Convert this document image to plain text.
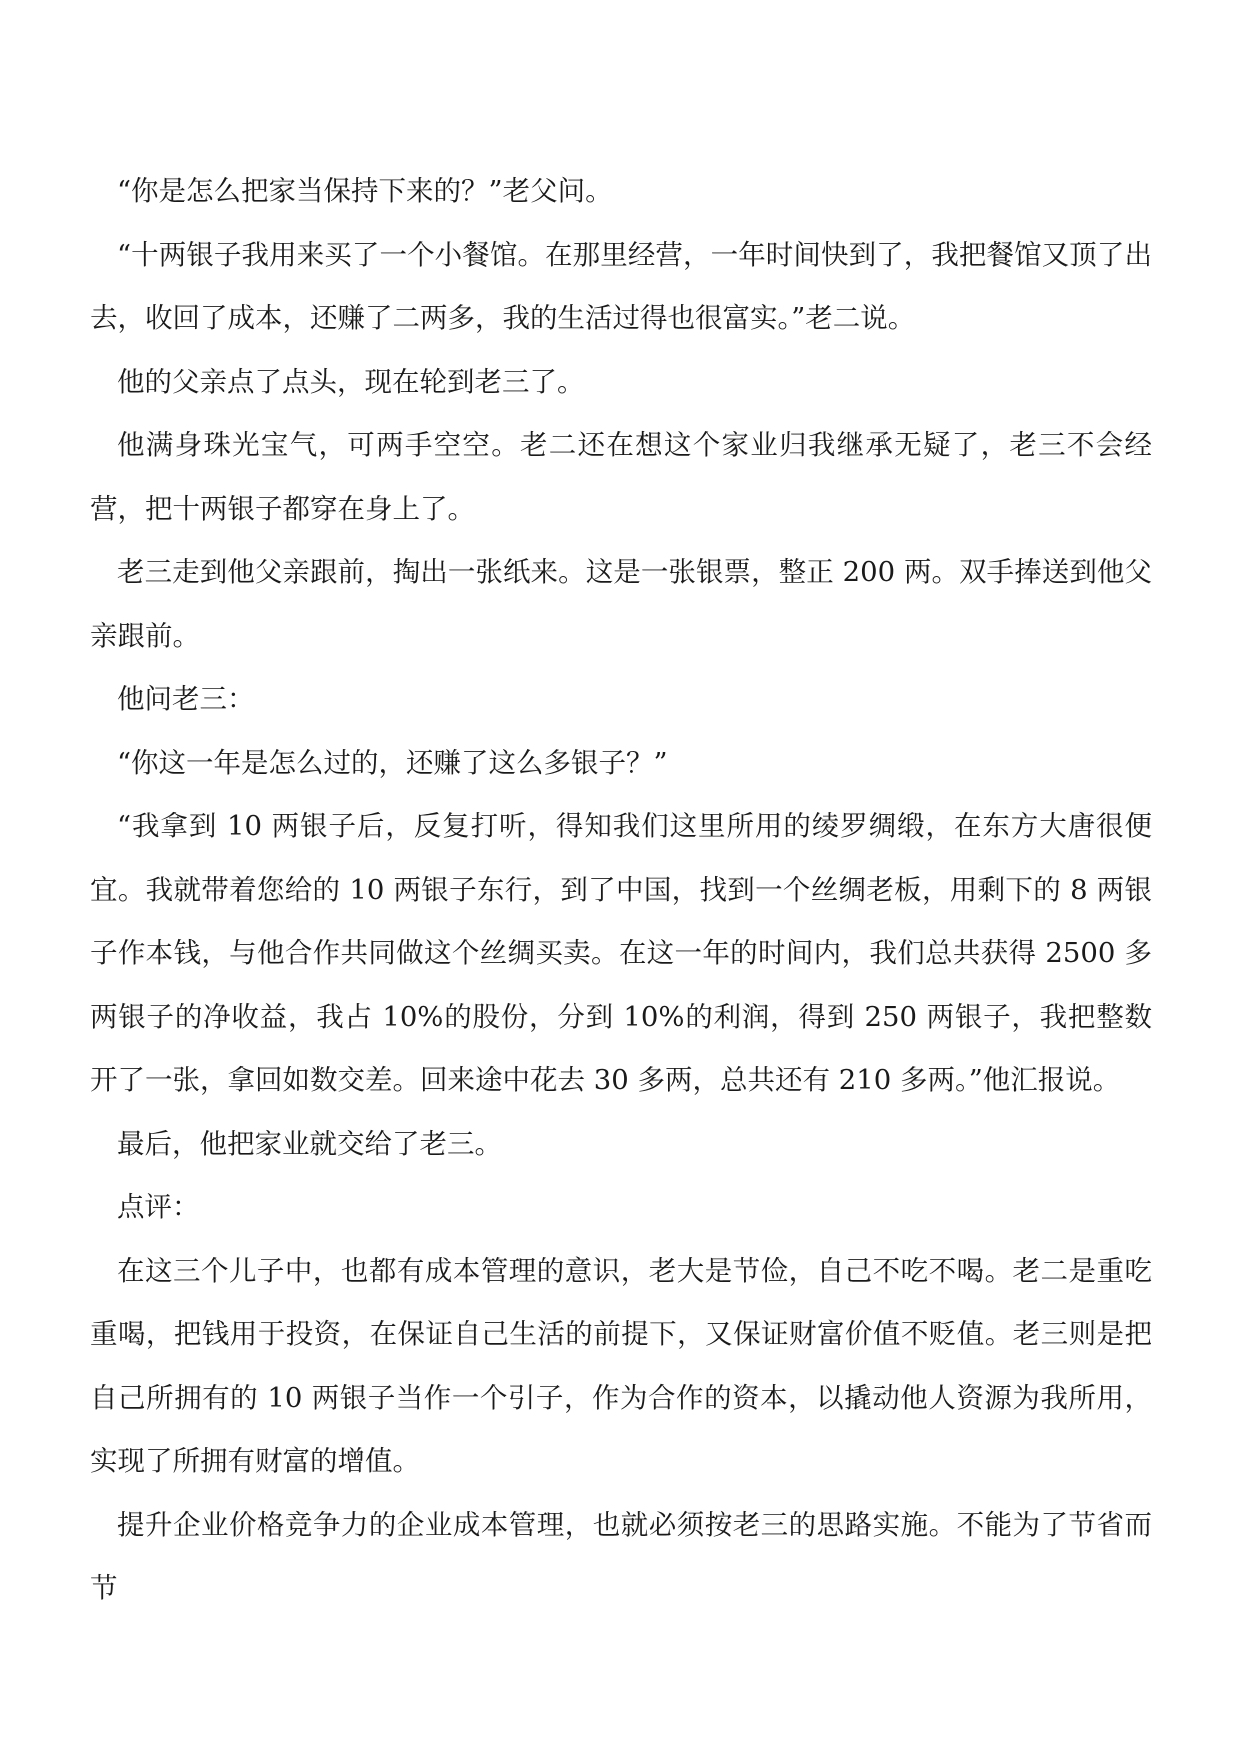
“你是怎么把家当保持下来的？”老父问。

“十两银子我用来买了一个小餐馆。在那里经营，一年时间快到了，我把餐馆又顶了出去，收回了成本，还赚了二两多，我的生活过得也很富实。”老二说。

他的父亲点了点头，现在轮到老三了。

他满身珠光宝气，可两手空空。老二还在想这个家业归我继承无疑了，老三不会经营，把十两银子都穿在身上了。

老三走到他父亲跟前，掏出一张纸来。这是一张银票，整正 200 两。双手捧送到他父亲跟前。

他问老三：

“你这一年是怎么过的，还赚了这么多银子？”

“我拿到 10 两银子后，反复打听，得知我们这里所用的绫罗绸缎，在东方大唐很便宜。我就带着您给的 10 两银子东行，到了中国，找到一个丝绸老板，用剩下的 8 两银子作本钱，与他合作共同做这个丝绸买卖。在这一年的时间内，我们总共获得 2500 多两银子的净收益，我占 10%的股份，分到 10%的利润，得到 250 两银子，我把整数开了一张，拿回如数交差。回来途中花去 30 多两，总共还有 210 多两。”他汇报说。

最后，他把家业就交给了老三。

点评：

在这三个儿子中，也都有成本管理的意识，老大是节俭，自己不吃不喝。老二是重吃重喝，把钱用于投资，在保证自己生活的前提下，又保证财富价值不贬值。老三则是把自己所拥有的 10 两银子当作一个引子，作为合作的资本，以撬动他人资源为我所用，实现了所拥有财富的增值。

提升企业价格竞争力的企业成本管理，也就必须按老三的思路实施。不能为了节省而节
